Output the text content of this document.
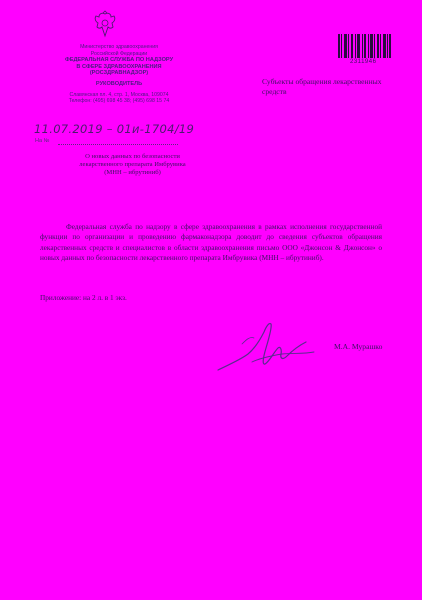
Министерство здравоохранения
Российской Федерации
ФЕДЕРАЛЬНАЯ СЛУЖБА ПО НАДЗОРУ
В СФЕРЕ ЗДРАВООХРАНЕНИЯ
(РОСЗДРАВНАДЗОР)
РУКОВОДИТЕЛЬ
Славянская пл. 4, стр. 1, Москва, 109074
Телефон: (495) 698 45 38; (495) 698 15 74
11.07.2019 – 01и-1704/19
На №
О новых данных по безопасности лекарственного препарата Имбрувика (МНН – ибрутиниб)
2311946
Субъекты обращения лекарственных средств
Федеральная служба по надзору в сфере здравоохранения в рамках исполнения государственной функции по организации и проведению фармаконадзора доводит до сведения субъектов обращения лекарственных средств и специалистов в области здравоохранения письмо ООО «Джонсон & Джонсон» о новых данных по безопасности лекарственного препарата Имбрувика (МНН – ибрутиниб).
Приложение: на 2 л. в 1 экз.
М.А. Мурашко
